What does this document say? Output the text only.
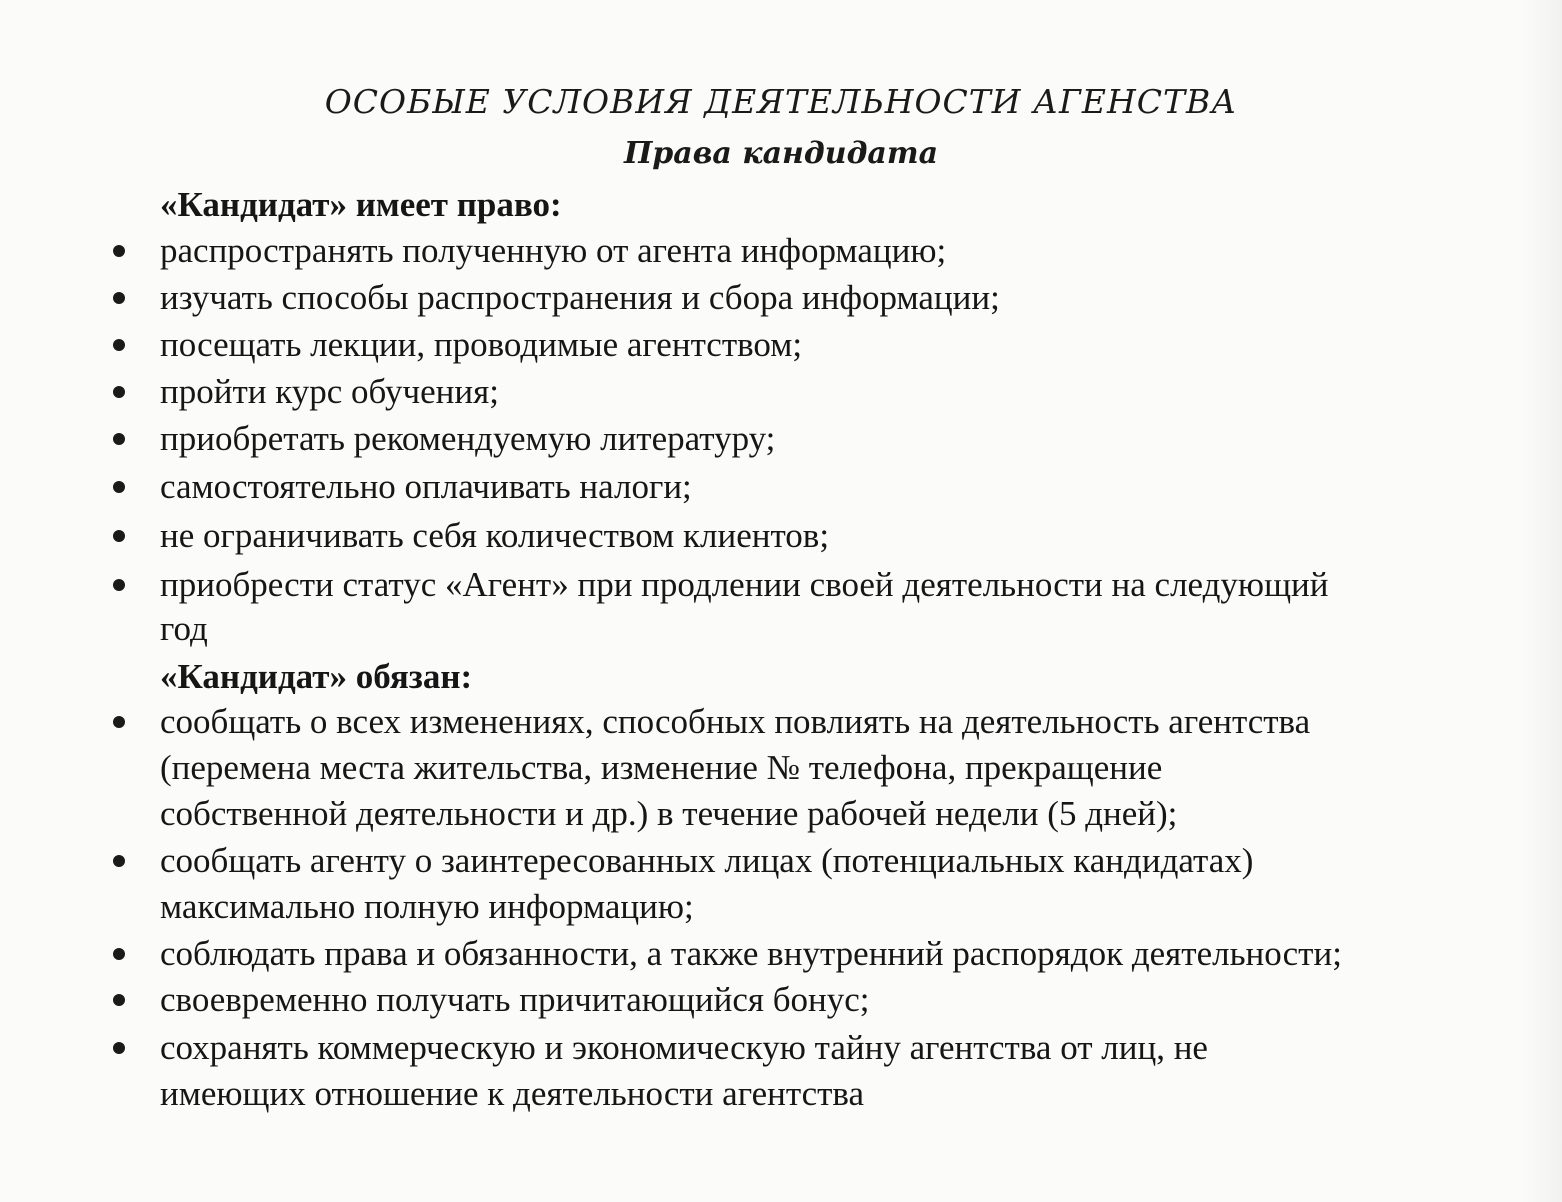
ОСОБЫЕ УСЛОВИЯ ДЕЯТЕЛЬНОСТИ АГЕНСТВА
Права кандидата
«Кандидат» имеет право:
распространять полученную от агента информацию;
изучать способы распространения и сбора информации;
посещать лекции, проводимые агентством;
пройти курс обучения;
приобретать рекомендуемую литературу;
самостоятельно оплачивать налоги;
не ограничивать себя количеством клиентов;
приобрести статус «Агент» при продлении своей деятельности на следующий
год
«Кандидат» обязан:
сообщать о всех изменениях, способных повлиять на деятельность агентства
(перемена места жительства, изменение № телефона, прекращение
собственной деятельности и др.) в течение рабочей недели (5 дней);
сообщать агенту о заинтересованных лицах (потенциальных кандидатах)
максимально полную информацию;
соблюдать права и обязанности, а также внутренний распорядок деятельности;
своевременно получать причитающийся бонус;
сохранять коммерческую и экономическую тайну агентства от лиц, не
имеющих отношение к деятельности агентства
